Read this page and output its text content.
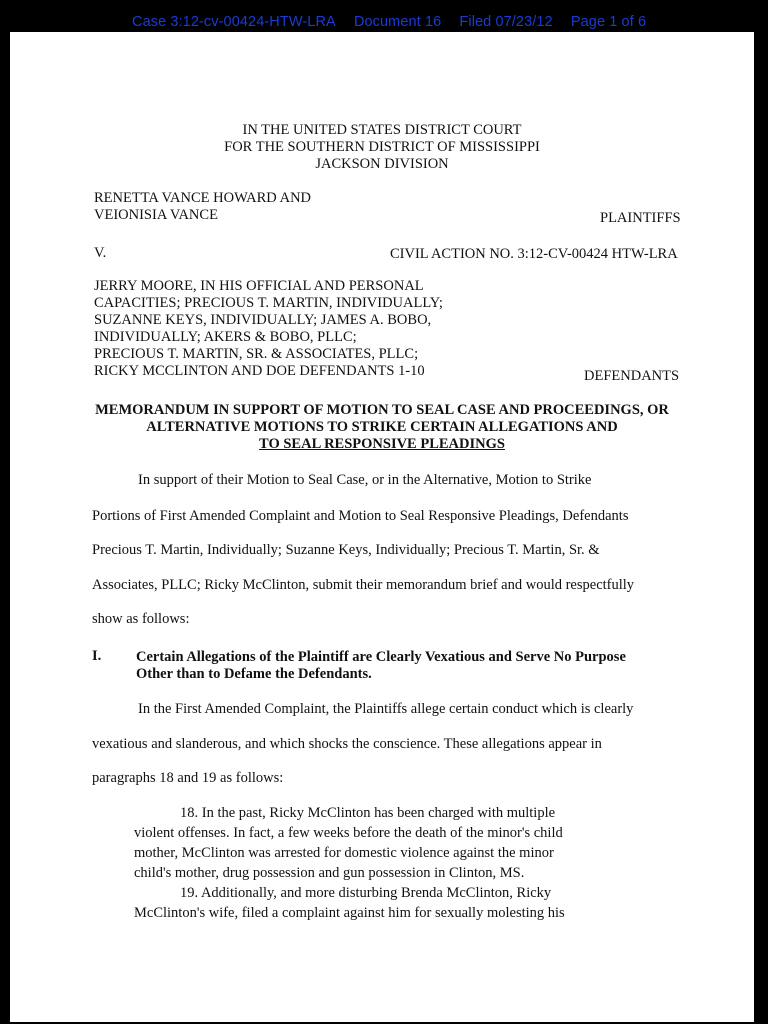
Case 3:12-cv-00424-HTW-LRA Document 16 Filed 07/23/12 Page 1 of 6
IN THE UNITED STATES DISTRICT COURT
FOR THE SOUTHERN DISTRICT OF MISSISSIPPI
JACKSON DIVISION
RENETTA VANCE HOWARD AND
VEIONISIA VANCE	PLAINTIFFS
V.	CIVIL ACTION NO. 3:12-CV-00424 HTW-LRA
JERRY MOORE, IN HIS OFFICIAL AND PERSONAL
CAPACITIES; PRECIOUS T. MARTIN, INDIVIDUALLY;
SUZANNE KEYS, INDIVIDUALLY; JAMES A. BOBO,
INDIVIDUALLY; AKERS & BOBO, PLLC;
PRECIOUS T. MARTIN, SR. & ASSOCIATES, PLLC;
RICKY MCCLINTON AND DOE DEFENDANTS 1-10	DEFENDANTS
MEMORANDUM IN SUPPORT OF MOTION TO SEAL CASE AND PROCEEDINGS, OR
ALTERNATIVE MOTIONS TO STRIKE CERTAIN ALLEGATIONS AND
TO SEAL RESPONSIVE PLEADINGS
In support of their Motion to Seal Case, or in the Alternative, Motion to Strike
Portions of First Amended Complaint and Motion to Seal Responsive Pleadings, Defendants
Precious T. Martin, Individually; Suzanne Keys, Individually; Precious T. Martin, Sr. &
Associates, PLLC; Ricky McClinton, submit their memorandum brief and would respectfully
show as follows:
I. Certain Allegations of the Plaintiff are Clearly Vexatious and Serve No Purpose
Other than to Defame the Defendants.
In the First Amended Complaint, the Plaintiffs allege certain conduct which is clearly
vexatious and slanderous, and which shocks the conscience. These allegations appear in
paragraphs 18 and 19 as follows:
18. In the past, Ricky McClinton has been charged with multiple
violent offenses. In fact, a few weeks before the death of the minor's child
mother, McClinton was arrested for domestic violence against the minor
child's mother, drug possession and gun possession in Clinton, MS.
19. Additionally, and more disturbing Brenda McClinton, Ricky
McClinton's wife, filed a complaint against him for sexually molesting his
